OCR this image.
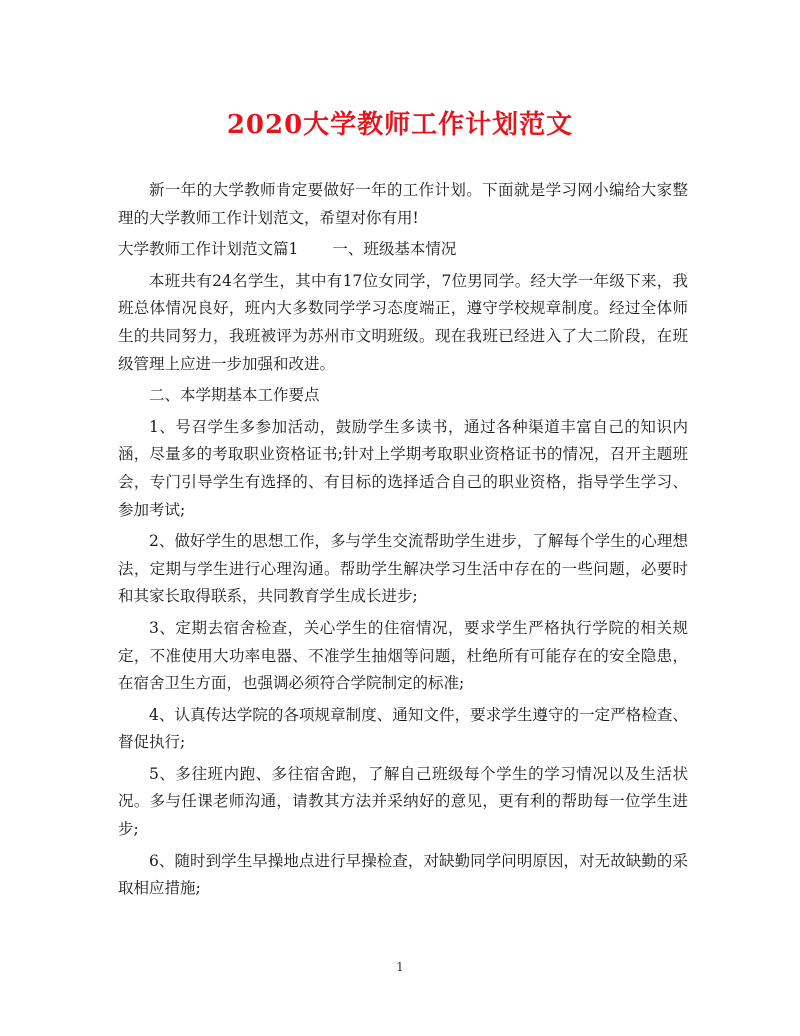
2020大学教师工作计划范文

新一年的大学教师肯定要做好一年的工作计划。下面就是学习网小编给大家整理的大学教师工作计划范文，希望对你有用!

大学教师工作计划范文篇1 一、班级基本情况

本班共有24名学生，其中有17位女同学，7位男同学。经大学一年级下来，我班总体情况良好，班内大多数同学学习态度端正，遵守学校规章制度。经过全体师生的共同努力，我班被评为苏州市文明班级。现在我班已经进入了大二阶段，在班级管理上应进一步加强和改进。

二、本学期基本工作要点

1、号召学生多参加活动，鼓励学生多读书，通过各种渠道丰富自己的知识内涵，尽量多的考取职业资格证书;针对上学期考取职业资格证书的情况，召开主题班会，专门引导学生有选择的、有目标的选择适合自己的职业资格，指导学生学习、参加考试;

2、做好学生的思想工作，多与学生交流帮助学生进步，了解每个学生的心理想法，定期与学生进行心理沟通。帮助学生解决学习生活中存在的一些问题，必要时和其家长取得联系，共同教育学生成长进步;

3、定期去宿舍检查，关心学生的住宿情况，要求学生严格执行学院的相关规定，不准使用大功率电器、不准学生抽烟等问题，杜绝所有可能存在的安全隐患，在宿舍卫生方面，也强调必须符合学院制定的标准;

4、认真传达学院的各项规章制度、通知文件，要求学生遵守的一定严格检查、督促执行;

5、多往班内跑、多往宿舍跑，了解自己班级每个学生的学习情况以及生活状况。多与任课老师沟通，请教其方法并采纳好的意见，更有利的帮助每一位学生进步;

6、随时到学生早操地点进行早操检查，对缺勤同学问明原因，对无故缺勤的采取相应措施;

1
